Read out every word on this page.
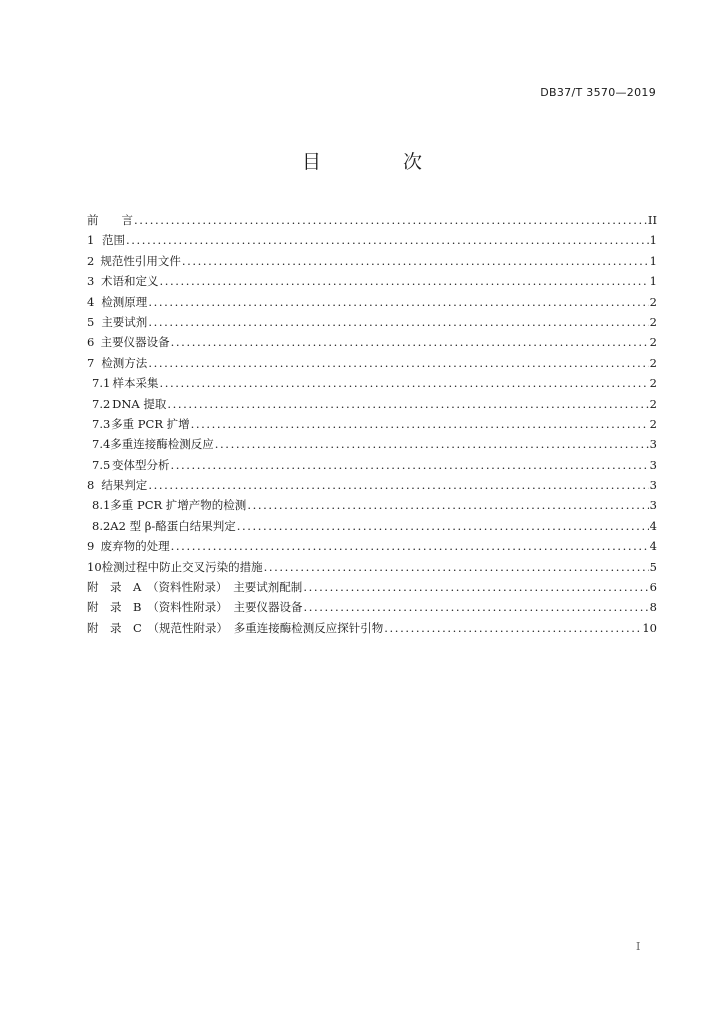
DB37/T 3570—2019
目 次
前　　言 .....	II
1 范围 .....	1
2 规范性引用文件 .....	1
3 术语和定义 .....	1
4 检测原理 .....	2
5 主要试剂 .....	2
6 主要仪器设备 .....	2
7 检测方法 .....	2
7.1 样本采集 .....	2
7.2 DNA 提取 .....	2
7.3 多重 PCR 扩增 .....	2
7.4 多重连接酶检测反应 .....	3
7.5 变体型分析 .....	3
8 结果判定 .....	3
8.1 多重 PCR 扩增产物的检测 .....	3
8.2 A2 型 β-酪蛋白结果判定 .....	4
9 废弃物的处理 .....	4
10 检测过程中防止交叉污染的措施 .....	5
附　录　A　（资料性附录）　主要试剂配制 .....	6
附　录　B　（资料性附录）　主要仪器设备 .....	8
附　录　C　（规范性附录）　多重连接酶检测反应探针引物 .....	10
I
